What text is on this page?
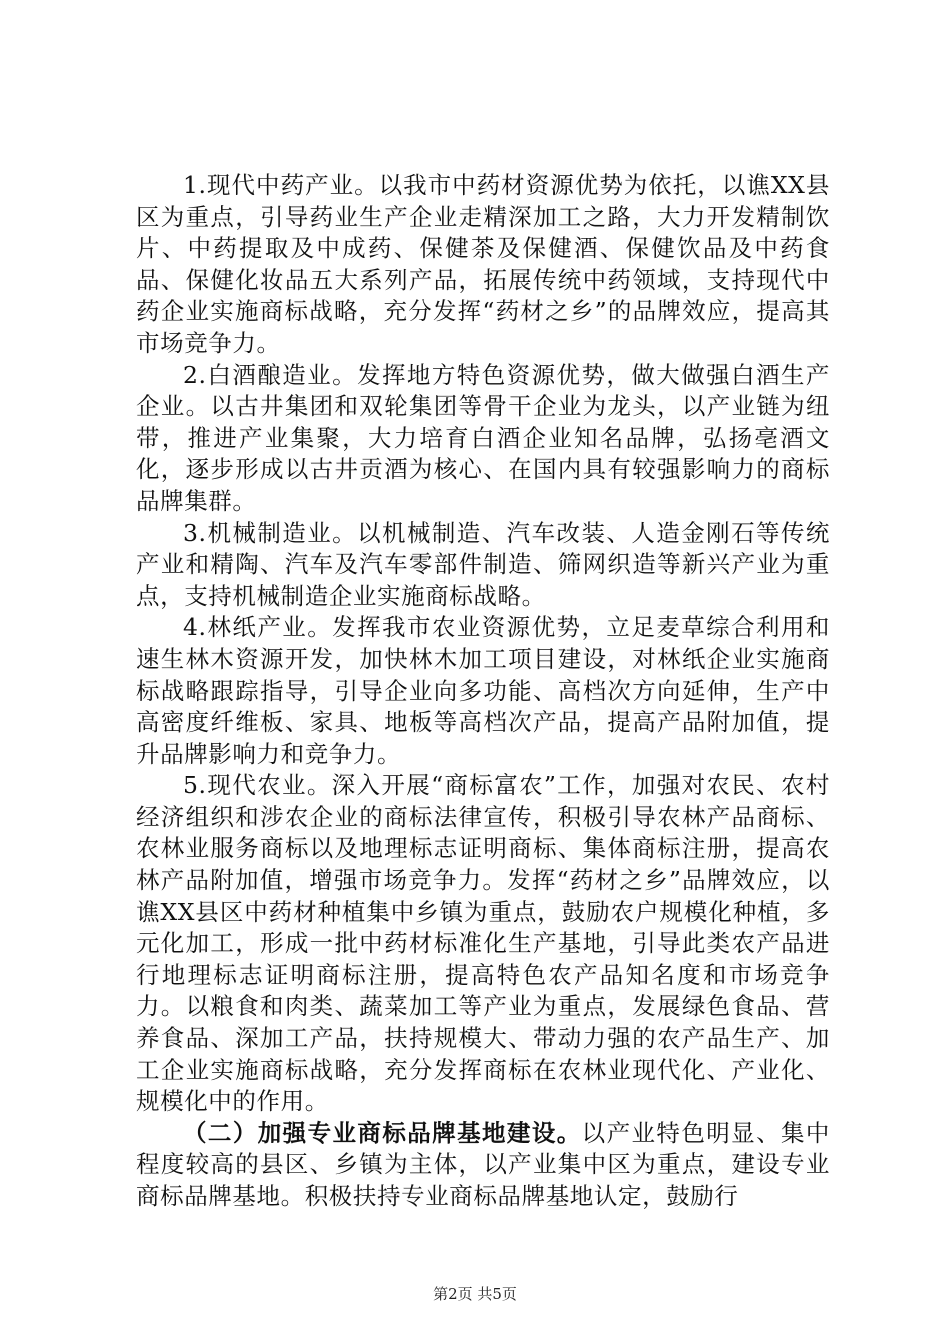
1.现代中药产业。以我市中药材资源优势为依托，以谯XX县区为重点，引导药业生产企业走精深加工之路，大力开发精制饮片、中药提取及中成药、保健茶及保健酒、保健饮品及中药食品、保健化妆品五大系列产品，拓展传统中药领域，支持现代中药企业实施商标战略，充分发挥“药材之乡”的品牌效应，提高其市场竞争力。

2.白酒酿造业。发挥地方特色资源优势，做大做强白酒生产企业。以古井集团和双轮集团等骨干企业为龙头，以产业链为纽带，推进产业集聚，大力培育白酒企业知名品牌，弘扬亳酒文化，逐步形成以古井贡酒为核心、在国内具有较强影响力的商标品牌集群。

3.机械制造业。以机械制造、汽车改装、人造金刚石等传统产业和精陶、汽车及汽车零部件制造、筛网织造等新兴产业为重点，支持机械制造企业实施商标战略。

4.林纸产业。发挥我市农业资源优势，立足麦草综合利用和速生林木资源开发，加快林木加工项目建设，对林纸企业实施商标战略跟踪指导，引导企业向多功能、高档次方向延伸，生产中高密度纤维板、家具、地板等高档次产品，提高产品附加值，提升品牌影响力和竞争力。

5.现代农业。深入开展“商标富农”工作，加强对农民、农村经济组织和涉农企业的商标法律宣传，积极引导农林产品商标、农林业服务商标以及地理标志证明商标、集体商标注册，提高农林产品附加值，增强市场竞争力。发挥“药材之乡”品牌效应，以谯XX县区中药材种植集中乡镇为重点，鼓励农户规模化种植，多元化加工，形成一批中药材标准化生产基地，引导此类农产品进行地理标志证明商标注册，提高特色农产品知名度和市场竞争力。以粮食和肉类、蔬菜加工等产业为重点，发展绿色食品、营养食品、深加工产品，扶持规模大、带动力强的农产品生产、加工企业实施商标战略，充分发挥商标在农林业现代化、产业化、规模化中的作用。

（二）加强专业商标品牌基地建设。以产业特色明显、集中程度较高的县区、乡镇为主体，以产业集中区为重点，建设专业商标品牌基地。积极扶持专业商标品牌基地认定，鼓励行

第2页 共5页
